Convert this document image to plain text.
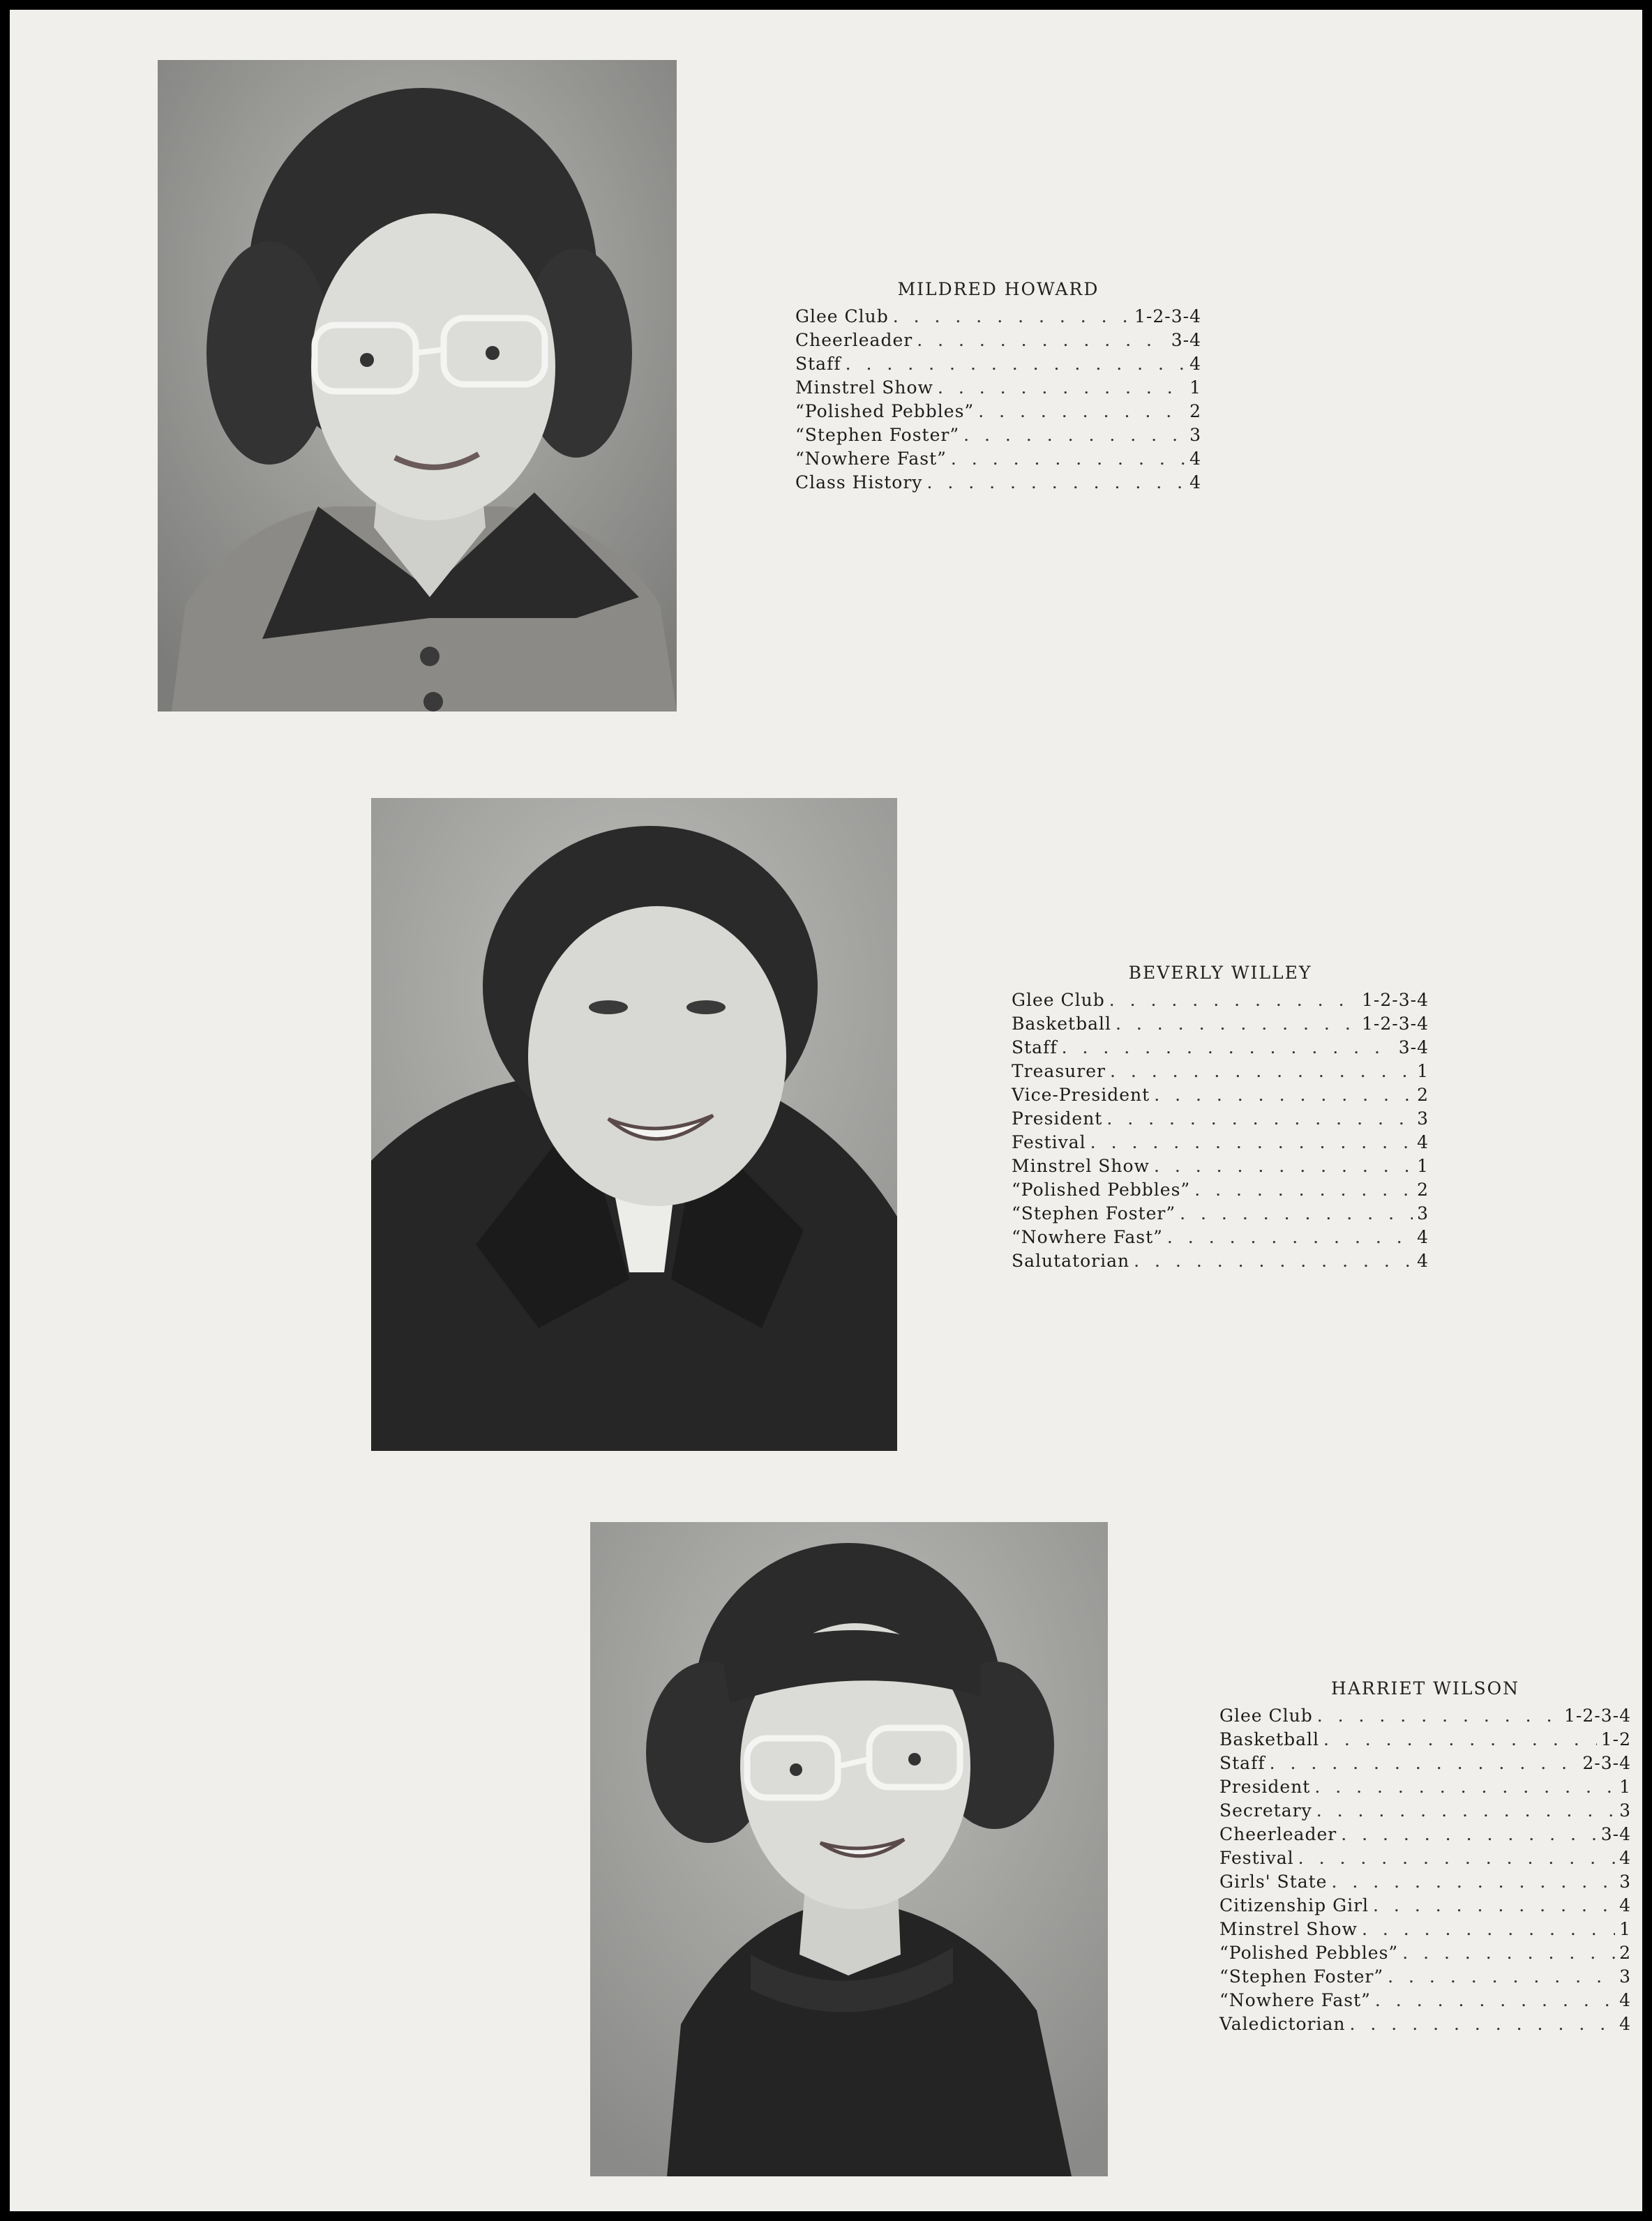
MILDRED HOWARD
Glee Club . . .	1-2-3-4
Cheerleader . . .	3-4
Staff . . .	4
Minstrel Show . . .	1
“Polished Pebbles” . . .	2
“Stephen Foster” . . .	3
“Nowhere Fast” . . .	4
Class History . . .	4
BEVERLY WILLEY
Glee Club . . .	1-2-3-4
Basketball . . .	1-2-3-4
Staff . . .	3-4
Treasurer . . .	1
Vice-President . . .	2
President . . .	3
Festival . . .	4
Minstrel Show . . .	1
“Polished Pebbles” . . .	2
“Stephen Foster” . . .	3
“Nowhere Fast” . . .	4
Salutatorian . . .	4
HARRIET WILSON
Glee Club . . .	1-2-3-4
Basketball . . .	1-2
Staff . . .	2-3-4
President . . .	1
Secretary . . .	3
Cheerleader . . .	3-4
Festival . . .	4
Girls' State . . .	3
Citizenship Girl . . .	4
Minstrel Show . . .	1
“Polished Pebbles” . . .	2
“Stephen Foster” . . .	3
“Nowhere Fast” . . .	4
Valedictorian . . .	4
